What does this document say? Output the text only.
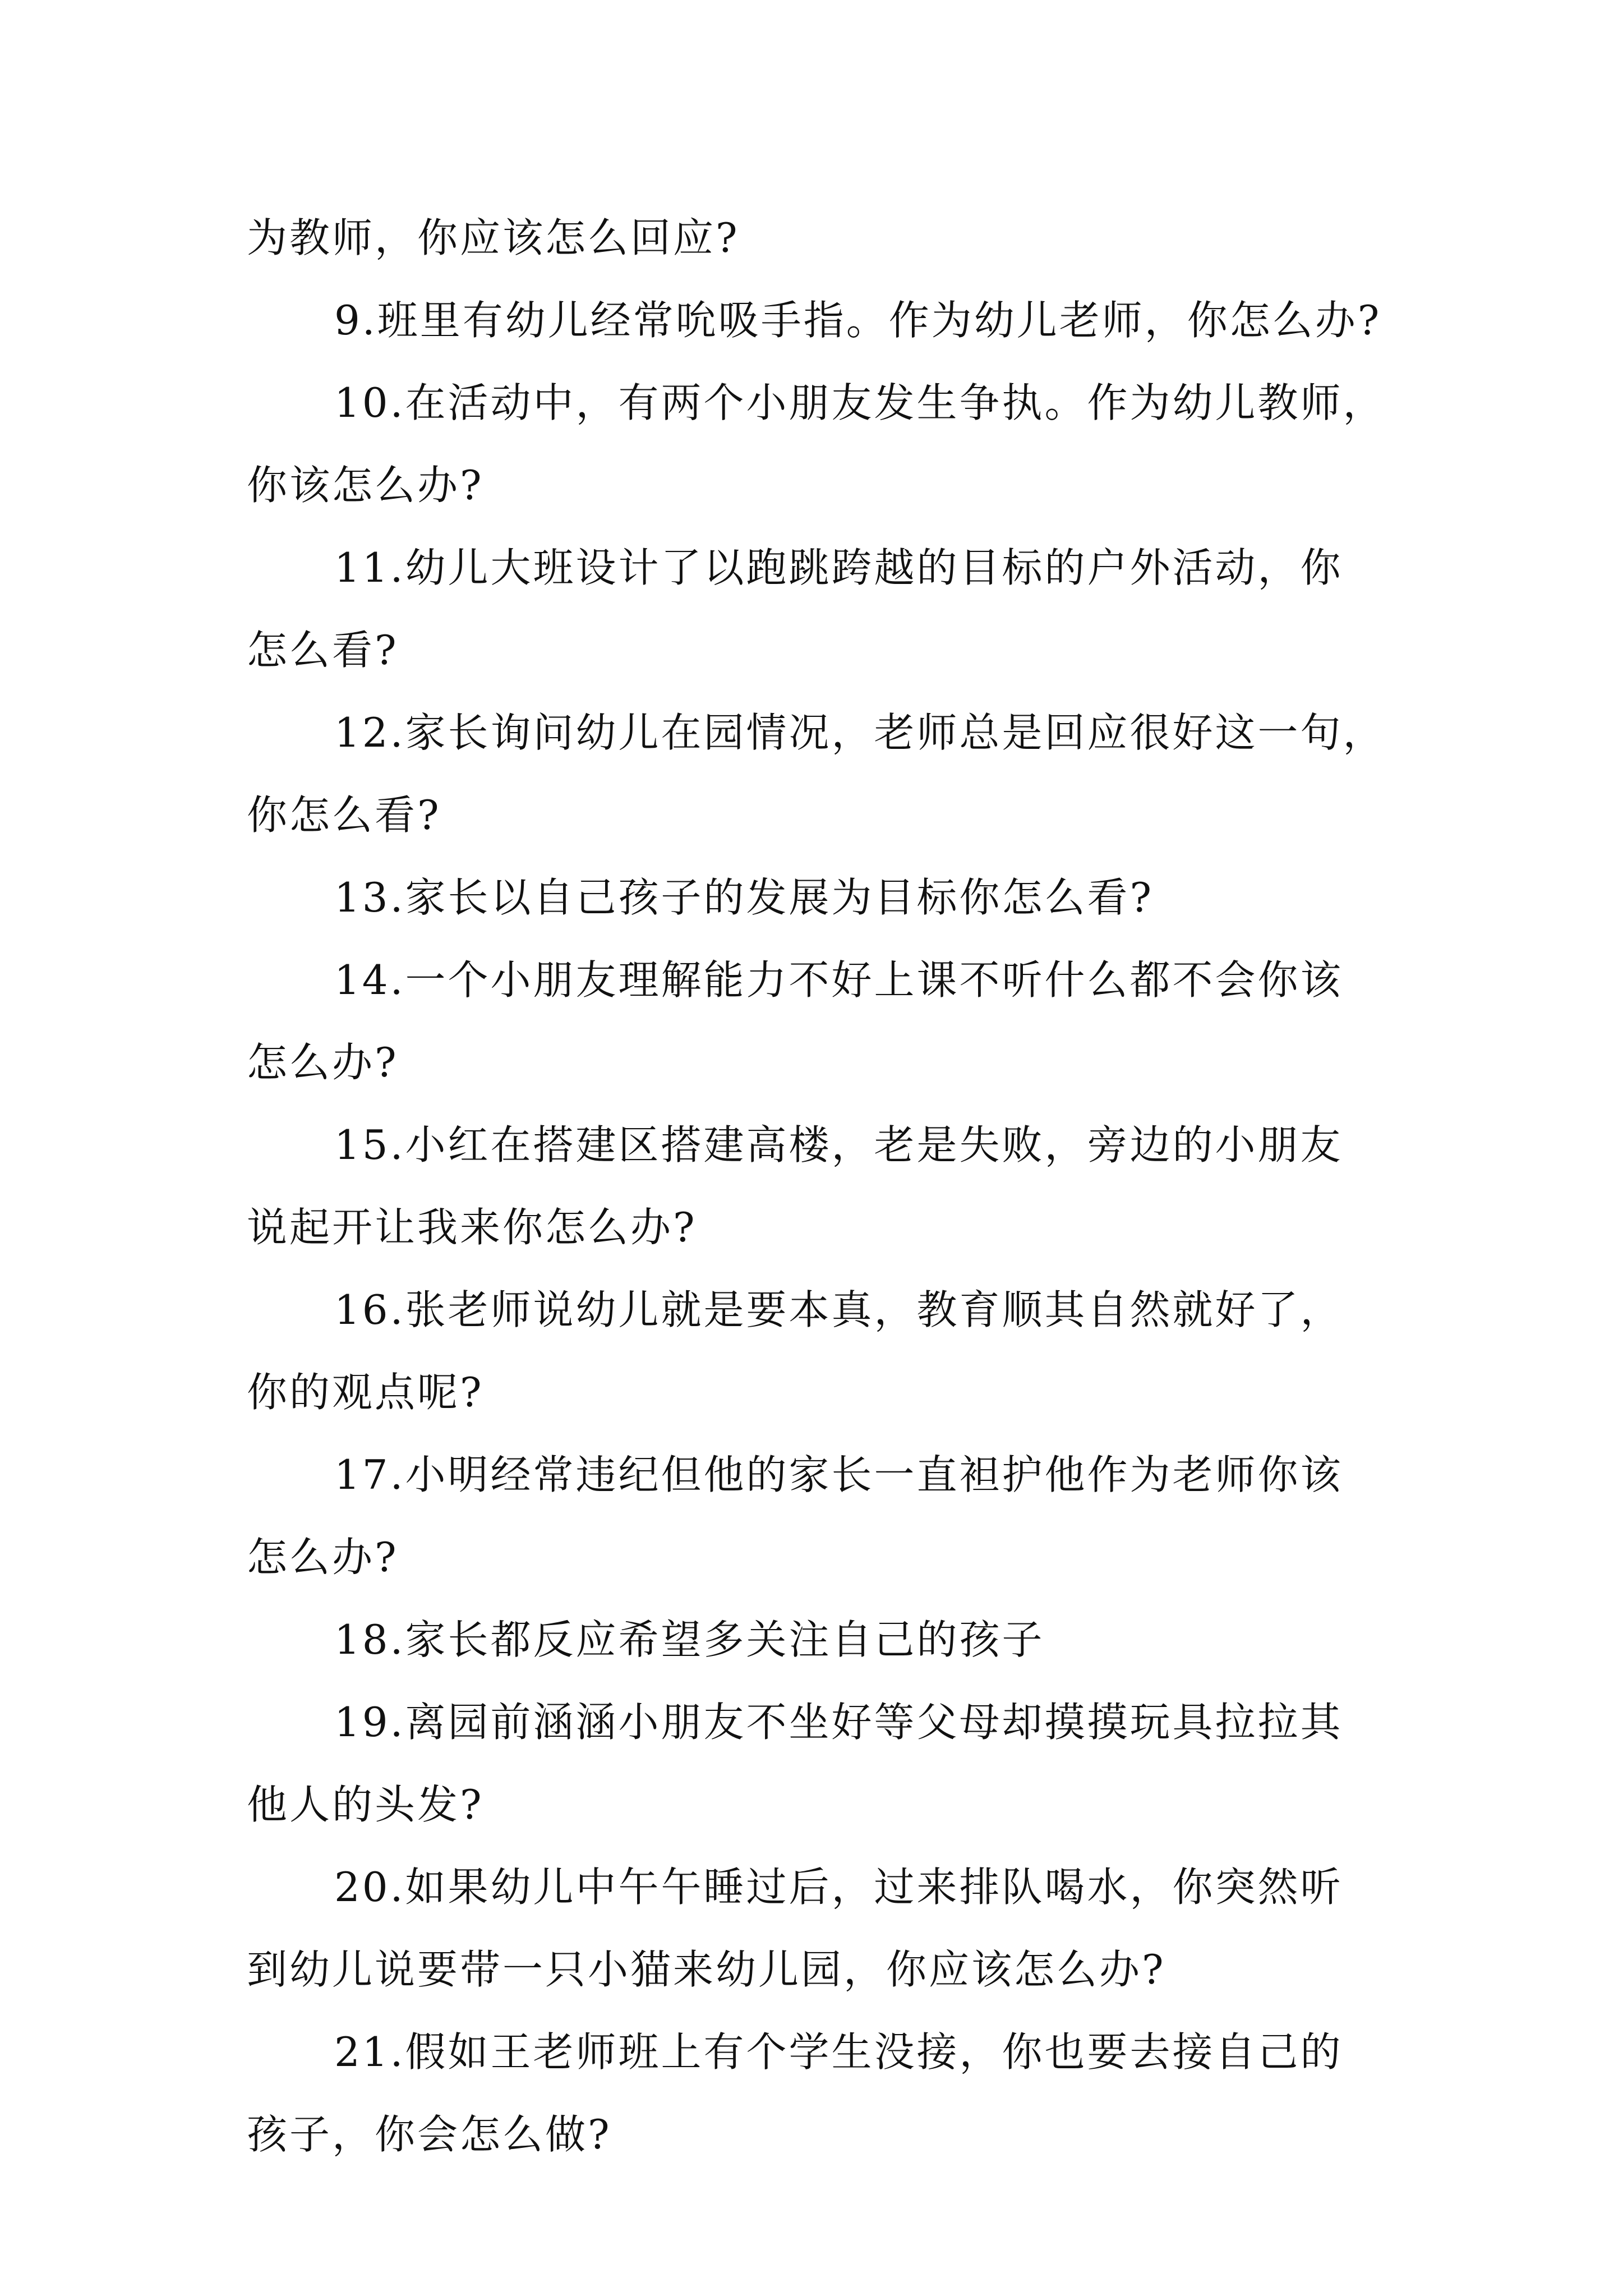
为教师，你应该怎么回应?

9.班里有幼儿经常吮吸手指。作为幼儿老师，你怎么办?

10.在活动中，有两个小朋友发生争执。作为幼儿教师，

你该怎么办?

11.幼儿大班设计了以跑跳跨越的目标的户外活动，你

怎么看?

12.家长询问幼儿在园情况，老师总是回应很好这一句，

你怎么看?

13.家长以自己孩子的发展为目标你怎么看?

14.一个小朋友理解能力不好上课不听什么都不会你该

怎么办?

15.小红在搭建区搭建高楼，老是失败，旁边的小朋友

说起开让我来你怎么办?

16.张老师说幼儿就是要本真，教育顺其自然就好了，

你的观点呢?

17.小明经常违纪但他的家长一直袒护他作为老师你该

怎么办?

18.家长都反应希望多关注自己的孩子

19.离园前涵涵小朋友不坐好等父母却摸摸玩具拉拉其

他人的头发?

20.如果幼儿中午午睡过后，过来排队喝水，你突然听

到幼儿说要带一只小猫来幼儿园，你应该怎么办?

21.假如王老师班上有个学生没接，你也要去接自己的

孩子，你会怎么做?
